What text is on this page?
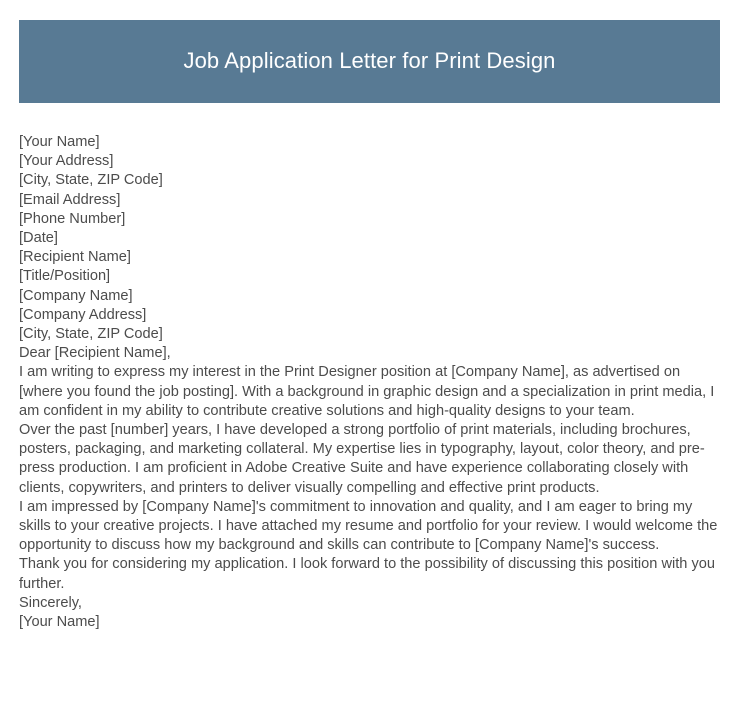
Job Application Letter for Print Design
[Your Name]
[Your Address]
[City, State, ZIP Code]
[Email Address]
[Phone Number]
[Date]
[Recipient Name]
[Title/Position]
[Company Name]
[Company Address]
[City, State, ZIP Code]
Dear [Recipient Name],

I am writing to express my interest in the Print Designer position at [Company Name], as advertised on [where you found the job posting]. With a background in graphic design and a specialization in print media, I am confident in my ability to contribute creative solutions and high-quality designs to your team.

Over the past [number] years, I have developed a strong portfolio of print materials, including brochures, posters, packaging, and marketing collateral. My expertise lies in typography, layout, color theory, and pre-press production. I am proficient in Adobe Creative Suite and have experience collaborating closely with clients, copywriters, and printers to deliver visually compelling and effective print products.

I am impressed by [Company Name]'s commitment to innovation and quality, and I am eager to bring my skills to your creative projects. I have attached my resume and portfolio for your review. I would welcome the opportunity to discuss how my background and skills can contribute to [Company Name]'s success.

Thank you for considering my application. I look forward to the possibility of discussing this position with you further.

Sincerely,
[Your Name]
